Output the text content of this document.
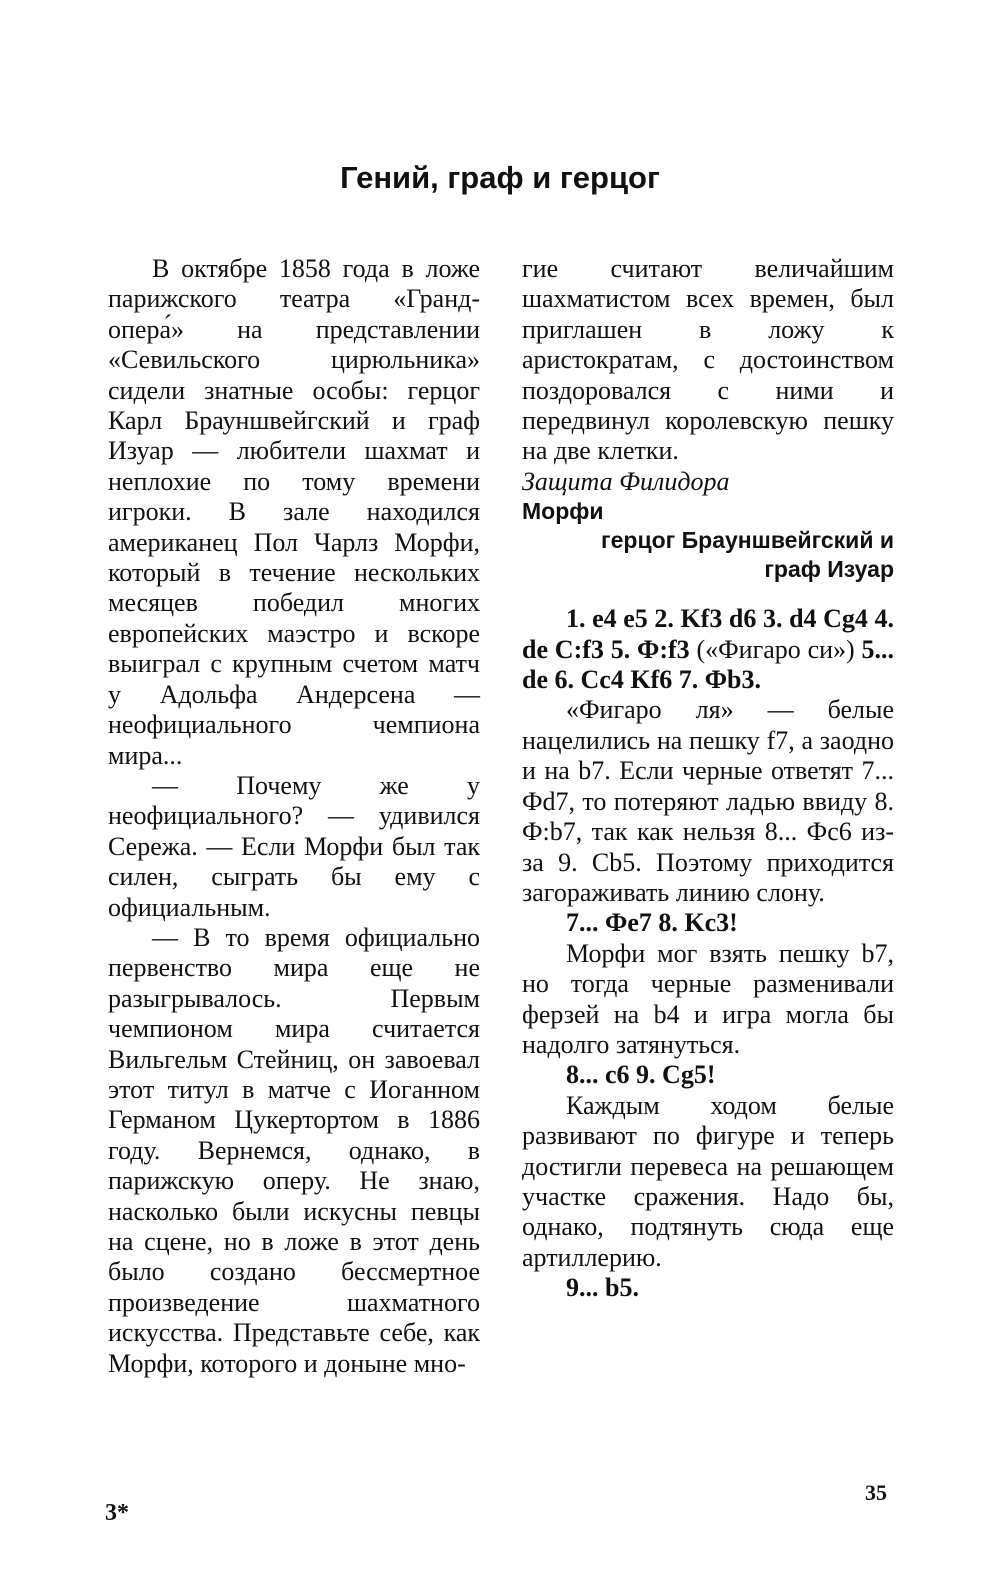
Гений, граф и герцог

В октябре 1858 года в ложе парижского театра «Гранд-опера́» на представлении «Севильского цирюльника» сидели знатные особы: герцог Карл Брауншвейгский и граф Изуар — любители шахмат и неплохие по тому времени игроки. В зале находился американец Пол Чарлз Морфи, который в течение нескольких месяцев победил многих европейских маэстро и вскоре выиграл с крупным счетом матч у Адольфа Андерсена — неофициального чемпиона мира...

— Почему же у неофициального? — удивился Сережа. — Если Морфи был так силен, сыграть бы ему с официальным.

— В то время официально первенство мира еще не разыгрывалось. Первым чемпионом мира считается Вильгельм Стейниц, он завоевал этот титул в матче с Иоганном Германом Цукертортом в 1886 году. Вернемся, однако, в парижскую оперу. Не знаю, насколько были искусны певцы на сцене, но в ложе в этот день было создано бессмертное произведение шахматного искусства. Представьте себе, как Морфи, которого и доныне мно-

гие считают величайшим шахматистом всех времен, был приглашен в ложу к аристократам, с достоинством поздоровался с ними и передвинул королевскую пешку на две клетки.

Защита Филидора

Морфи
герцог Брауншвейгский и
граф Изуар

1. e4 e5 2. Kf3 d6 3. d4 Cg4 4. de C:f3 5. Ф:f3 («Фигаро си») 5... de 6. Cc4 Kf6 7. Фb3.

«Фигаро ля» — белые нацелились на пешку f7, а заодно и на b7. Если черные ответят 7... Фd7, то потеряют ладью ввиду 8. Ф:b7, так как нельзя 8... Фc6 из-за 9. Cb5. Поэтому приходится загораживать линию слону.

7... Фe7 8. Kc3!

Морфи мог взять пешку b7, но тогда черные разменивали ферзей на b4 и игра могла бы надолго затянуться.

8... c6 9. Cg5!

Каждым ходом белые развивают по фигуре и теперь достигли перевеса на решающем участке сражения. Надо бы, однако, подтянуть сюда еще артиллерию.

9... b5.

3*
35
